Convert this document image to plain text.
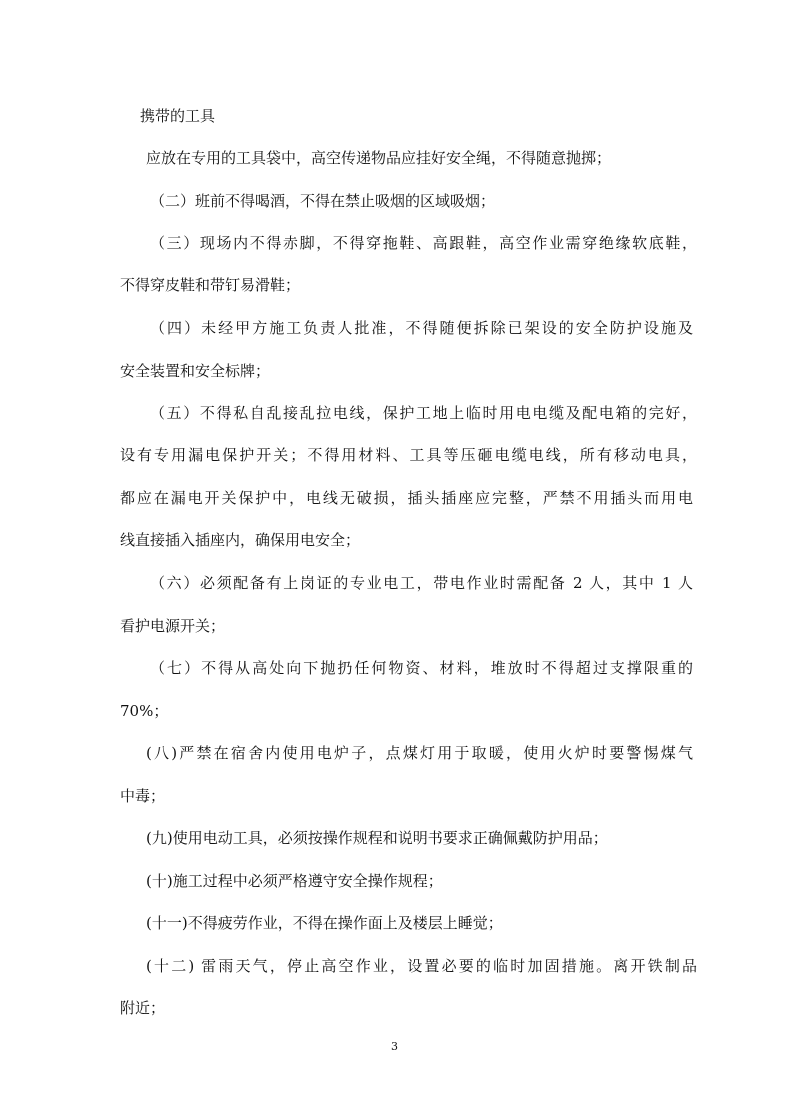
携带的工具
应放在专用的工具袋中，高空传递物品应挂好安全绳，不得随意抛掷；
（二）班前不得喝酒，不得在禁止吸烟的区域吸烟；
（三）现场内不得赤脚，不得穿拖鞋、高跟鞋，高空作业需穿绝缘软底鞋，
不得穿皮鞋和带钉易滑鞋；
（四）未经甲方施工负责人批准，不得随便拆除已架设的安全防护设施及
安全装置和安全标牌；
（五）不得私自乱接乱拉电线，保护工地上临时用电电缆及配电箱的完好，
设有专用漏电保护开关；不得用材料、工具等压砸电缆电线，所有移动电具，
都应在漏电开关保护中，电线无破损，插头插座应完整，严禁不用插头而用电
线直接插入插座内，确保用电安全；
（六）必须配备有上岗证的专业电工，带电作业时需配备 2 人，其中 1 人
看护电源开关；
（七）不得从高处向下抛扔任何物资、材料，堆放时不得超过支撑限重的
70%；
(八)严禁在宿舍内使用电炉子，点煤灯用于取暖，使用火炉时要警惕煤气
中毒；
(九)使用电动工具，必须按操作规程和说明书要求正确佩戴防护用品；
(十)施工过程中必须严格遵守安全操作规程；
(十一)不得疲劳作业，不得在操作面上及楼层上睡觉；
(十二) 雷雨天气，停止高空作业，设置必要的临时加固措施。离开铁制品
附近；
3
